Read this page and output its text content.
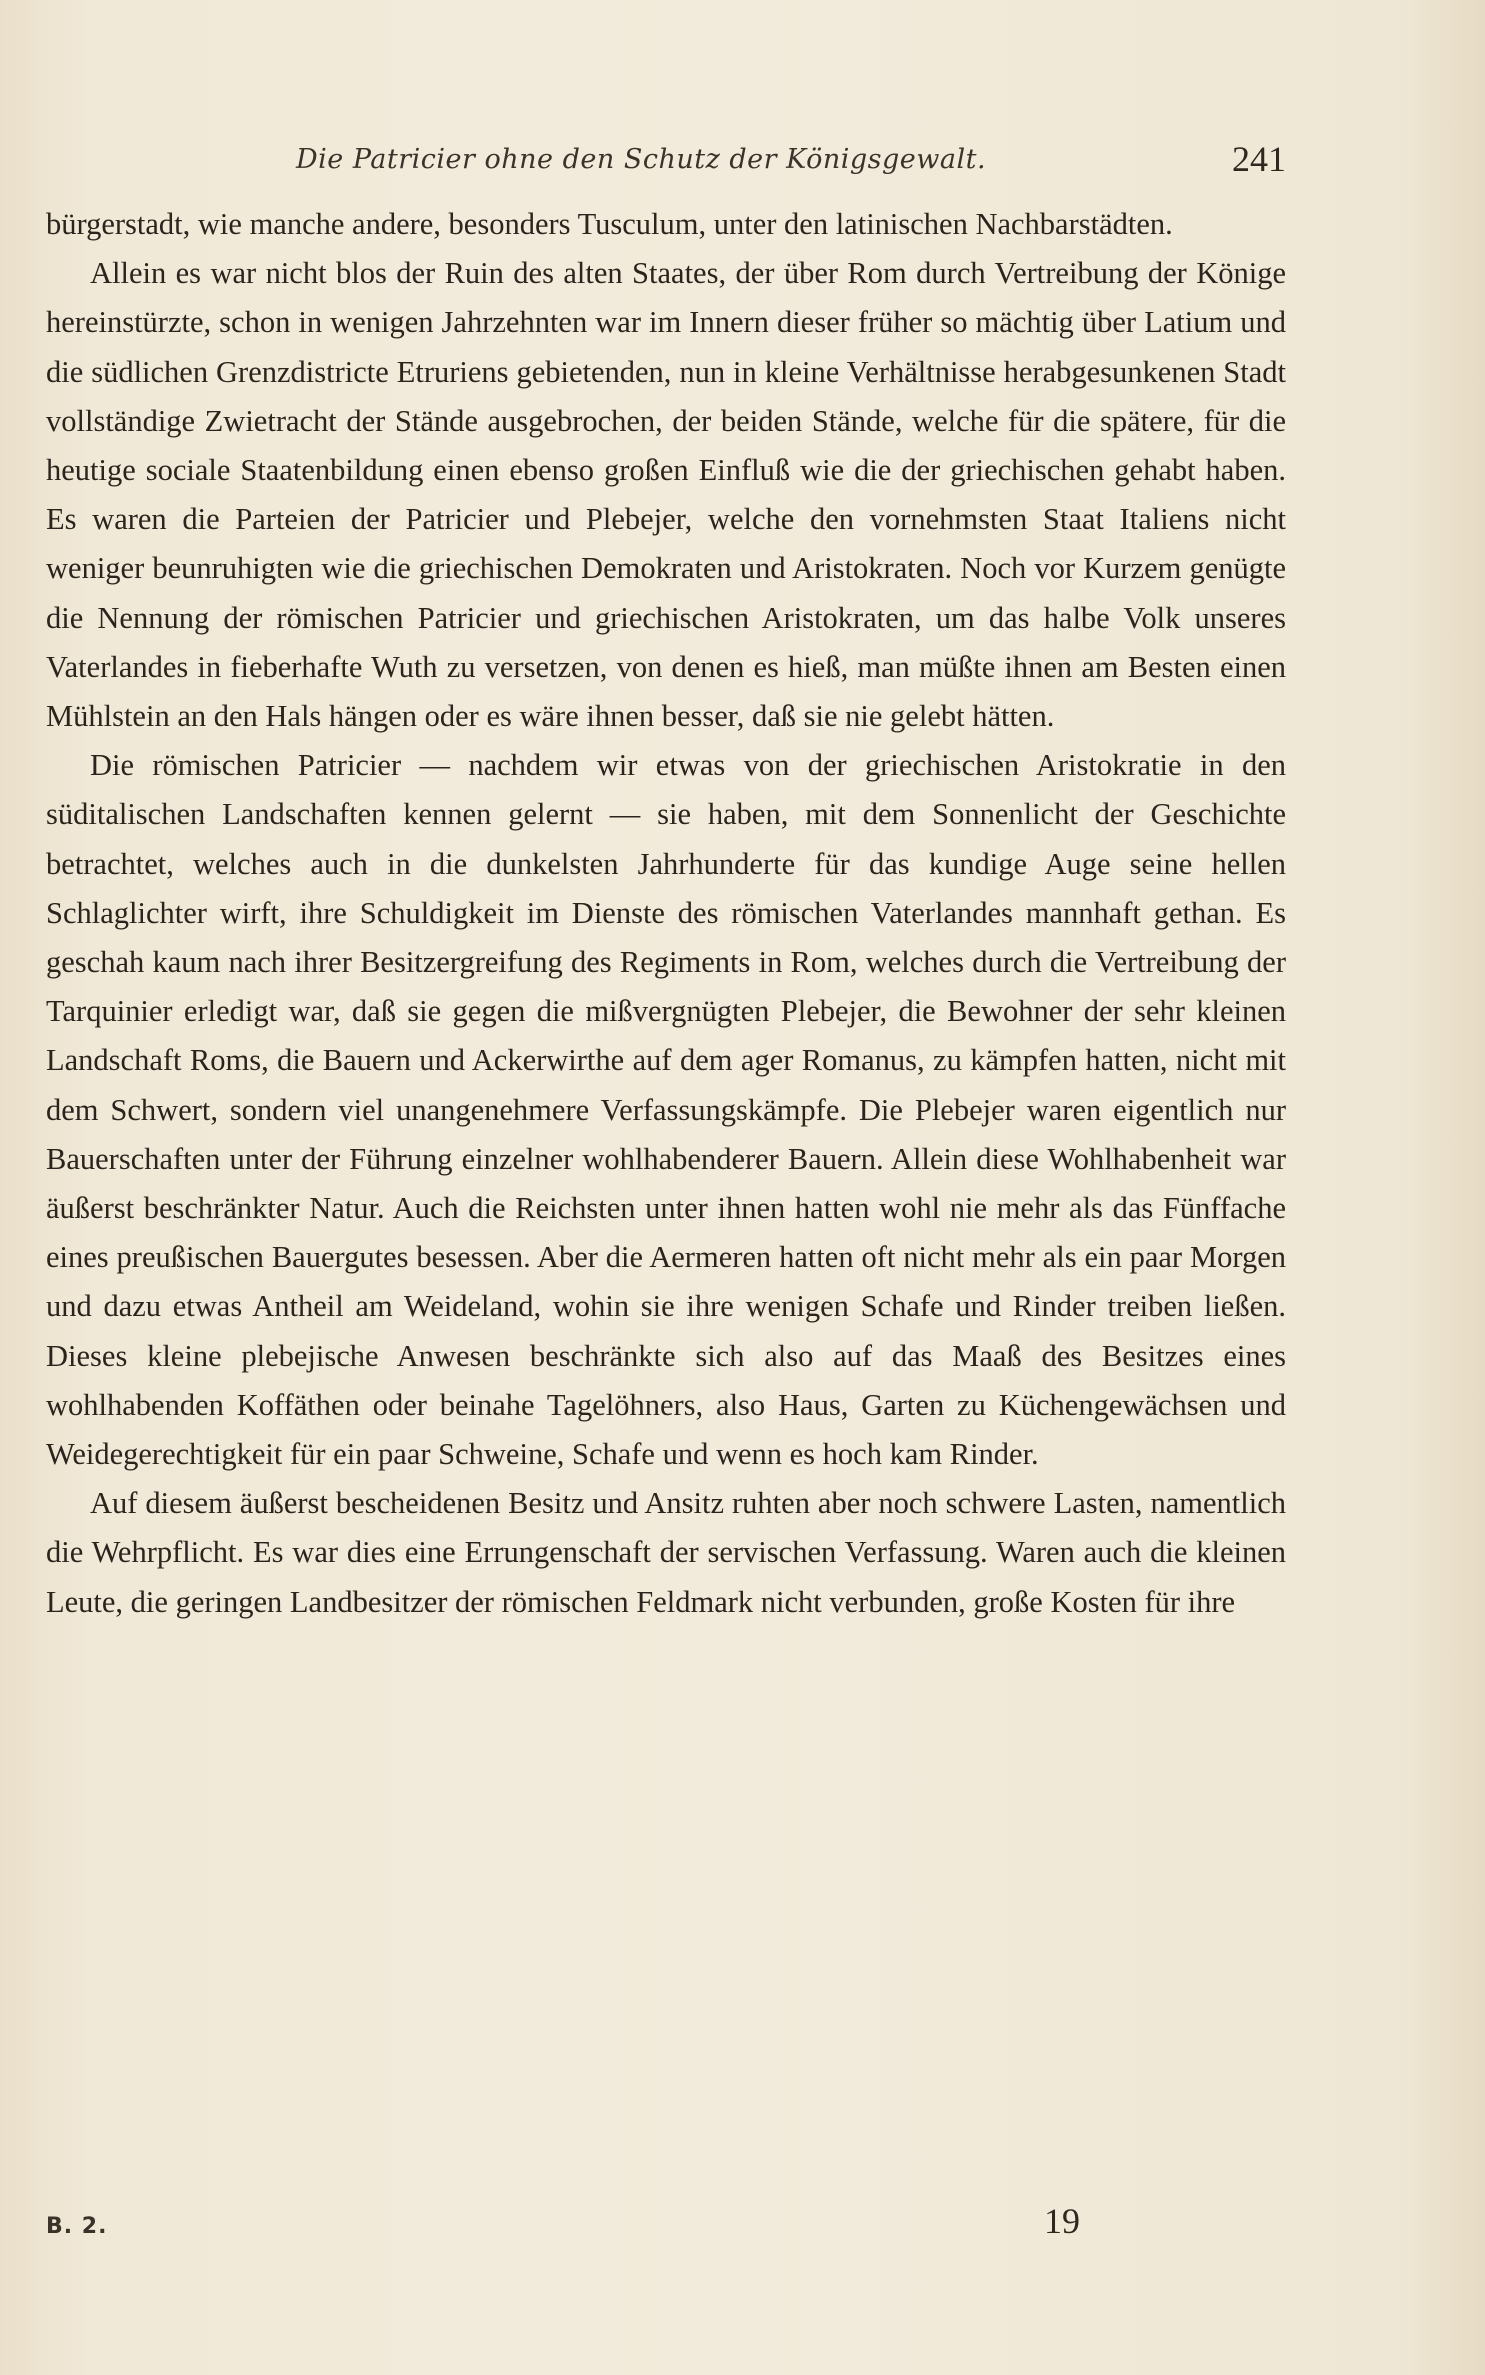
Die Patricier ohne den Schutz der Königsgewalt.	241

bürgerstadt, wie manche andere, besonders Tusculum, unter den latinischen Nachbarstädten.

Allein es war nicht blos der Ruin des alten Staates, der über Rom durch Vertreibung der Könige hereinstürzte, schon in wenigen Jahrzehnten war im Innern dieser früher so mächtig über Latium und die südlichen Grenzdistricte Etruriens gebietenden, nun in kleine Verhältnisse herabgesunkenen Stadt vollständige Zwietracht der Stände ausgebrochen, der beiden Stände, welche für die spätere, für die heutige sociale Staatenbildung einen ebenso großen Einfluß wie die der griechischen gehabt haben. Es waren die Parteien der Patricier und Plebejer, welche den vornehmsten Staat Italiens nicht weniger beunruhigten wie die griechischen Demokraten und Aristokraten. Noch vor Kurzem genügte die Nennung der römischen Patricier und griechischen Aristokraten, um das halbe Volk unseres Vaterlandes in fieberhafte Wuth zu versetzen, von denen es hieß, man müßte ihnen am Besten einen Mühlstein an den Hals hängen oder es wäre ihnen besser, daß sie nie gelebt hätten.

Die römischen Patricier — nachdem wir etwas von der griechischen Aristokratie in den süditalischen Landschaften kennen gelernt — sie haben, mit dem Sonnenlicht der Geschichte betrachtet, welches auch in die dunkelsten Jahrhunderte für das kundige Auge seine hellen Schlaglichter wirft, ihre Schuldigkeit im Dienste des römischen Vaterlandes mannhaft gethan. Es geschah kaum nach ihrer Besitzergreifung des Regiments in Rom, welches durch die Vertreibung der Tarquinier erledigt war, daß sie gegen die mißvergnügten Plebejer, die Bewohner der sehr kleinen Landschaft Roms, die Bauern und Ackerwirthe auf dem ager Romanus, zu kämpfen hatten, nicht mit dem Schwert, sondern viel unangenehmere Verfassungskämpfe. Die Plebejer waren eigentlich nur Bauerschaften unter der Führung einzelner wohlhabenderer Bauern. Allein diese Wohlhabenheit war äußerst beschränkter Natur. Auch die Reichsten unter ihnen hatten wohl nie mehr als das Fünffache eines preußischen Bauergutes besessen. Aber die Aermeren hatten oft nicht mehr als ein paar Morgen und dazu etwas Antheil am Weideland, wohin sie ihre wenigen Schafe und Rinder treiben ließen. Dieses kleine plebejische Anwesen beschränkte sich also auf das Maaß des Besitzes eines wohlhabenden Koffäthen oder beinahe Tagelöhners, also Haus, Garten zu Küchengewächsen und Weidegerechtigkeit für ein paar Schweine, Schafe und wenn es hoch kam Rinder.

Auf diesem äußerst bescheidenen Besitz und Ansitz ruhten aber noch schwere Lasten, namentlich die Wehrpflicht. Es war dies eine Errungenschaft der servischen Verfassung. Waren auch die kleinen Leute, die geringen Landbesitzer der römischen Feldmark nicht verbunden, große Kosten für ihre

B. 2.	19
